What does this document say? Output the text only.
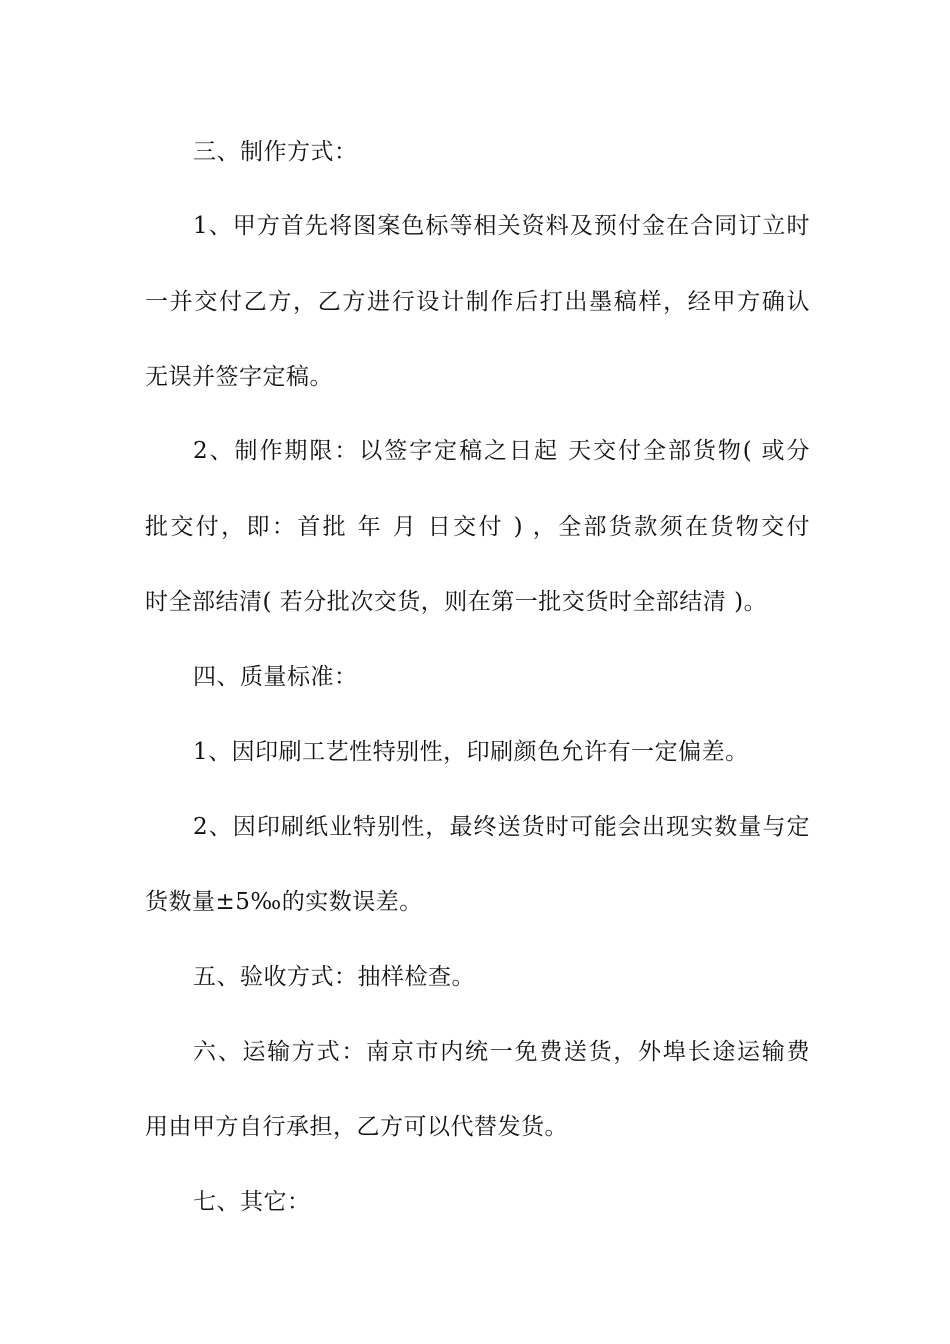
三、制作方式：
1、甲方首先将图案色标等相关资料及预付金在合同订立时
一并交付乙方，乙方进行设计制作后打出墨稿样，经甲方确认
无误并签字定稿。
2、制作期限：以签字定稿之日起 天交付全部货物( 或分
批交付，即：首批 年 月 日交付 ) ，全部货款须在货物交付
时全部结清( 若分批次交货，则在第一批交货时全部结清 )。
四、质量标准：
1、因印刷工艺性特别性，印刷颜色允许有一定偏差。
2、因印刷纸业特别性，最终送货时可能会出现实数量与定
货数量±5‰的实数误差。
五、验收方式：抽样检查。
六、运输方式：南京市内统一免费送货，外埠长途运输费
用由甲方自行承担，乙方可以代替发货。
七、其它：
